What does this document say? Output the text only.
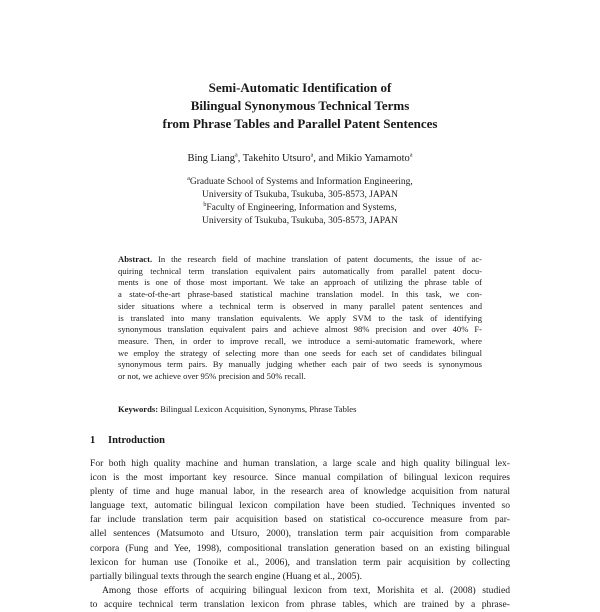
Semi-Automatic Identification of
Bilingual Synonymous Technical Terms
from Phrase Tables and Parallel Patent Sentences
Bing Liang$^a$, Takehito Utsuro$^a$, and Mikio Yamamoto$^a$
$^a$Graduate School of Systems and Information Engineering,
University of Tsukuba, Tsukuba, 305-8573, JAPAN
$^b$Faculty of Engineering, Information and Systems,
University of Tsukuba, Tsukuba, 305-8573, JAPAN
Abstract. In the research field of machine translation of patent documents, the issue of ac-
quiring technical term translation equivalent pairs automatically from parallel patent docu-
ments is one of those most important. We take an approach of utilizing the phrase table of
a state-of-the-art phrase-based statistical machine translation model. In this task, we con-
sider situations where a technical term is observed in many parallel patent sentences and
is translated into many translation equivalents. We apply SVM to the task of identifying
synonymous translation equivalent pairs and achieve almost 98% precision and over 40% F-
measure. Then, in order to improve recall, we introduce a semi-automatic framework, where
we employ the strategy of selecting more than one seeds for each set of candidates bilingual
synonymous term pairs. By manually judging whether each pair of two seeds is synonymous
or not, we achieve over 95% precision and 50% recall.
Keywords: Bilingual Lexicon Acquisition, Synonyms, Phrase Tables
1 Introduction
For both high quality machine and human translation, a large scale and high quality bilingual lex-
icon is the most important key resource. Since manual compilation of bilingual lexicon requires
plenty of time and huge manual labor, in the research area of knowledge acquisition from natural
language text, automatic bilingual lexicon compilation have been studied. Techniques invented so
far include translation term pair acquisition based on statistical co-occurence measure from par-
allel sentences (Matsumoto and Utsuro, 2000), translation term pair acquisition from comparable
corpora (Fung and Yee, 1998), compositional translation generation based on an existing bilingual
lexicon for human use (Tonoike et al., 2006), and translation term pair acquisition by collecting
partially bilingual texts through the search engine (Huang et al., 2005).
Among those efforts of acquiring bilingual lexicon from text, Morishita et al. (2008) studied
to acquire technical term translation lexicon from phrase tables, which are trained by a phrase-
